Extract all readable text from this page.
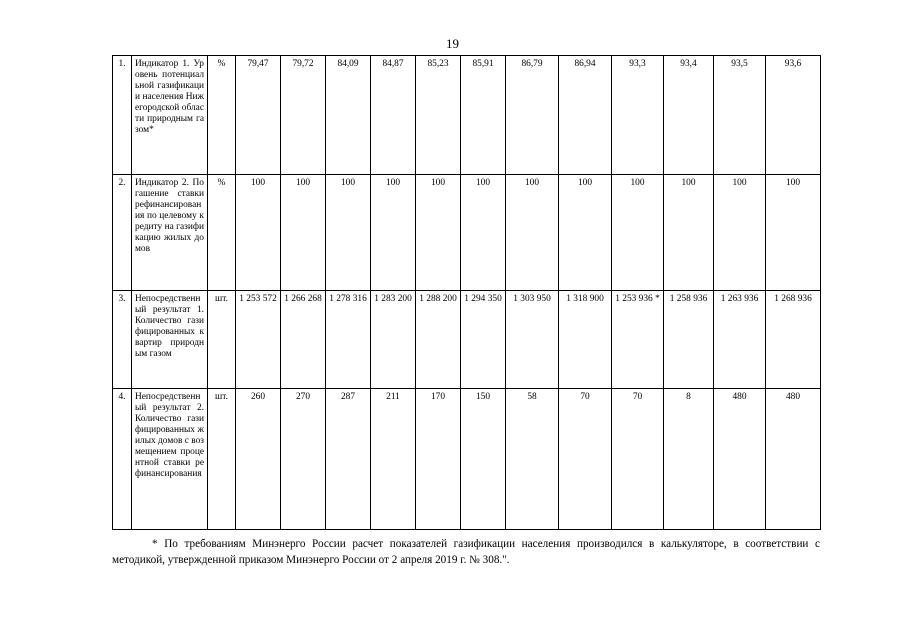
19
1.	Индикатор 1. Уровень потенциальной газификации населения Нижегородской области природным газом*	%	79,47	79,72	84,09	84,87	85,23	85,91	86,79	86,94	93,3	93,4	93,5	93,6
2.	Индикатор 2. Погашение ставки рефинансирования по целевому кредиту на газификацию жилых домов	%	100	100	100	100	100	100	100	100	100	100	100	100
3.	Непосредственный результат 1. Количество газифицированных квартир природным газом	шт.	1 253 572	1 266 268	1 278 316	1 283 200	1 288 200	1 294 350	1 303 950	1 318 900	1 253 936 *	1 258 936	1 263 936	1 268 936
4.	Непосредственный результат 2. Количество газифицированных жилых домов с возмещением процентной ставки рефинансирования	шт.	260	270	287	211	170	150	58	70	70	8	480	480
* По требованиям Минэнерго России расчет показателей газификации населения производился в калькуляторе, в соответствии с методикой, утвержденной приказом Минэнерго России от 2 апреля 2019 г. № 308.".
